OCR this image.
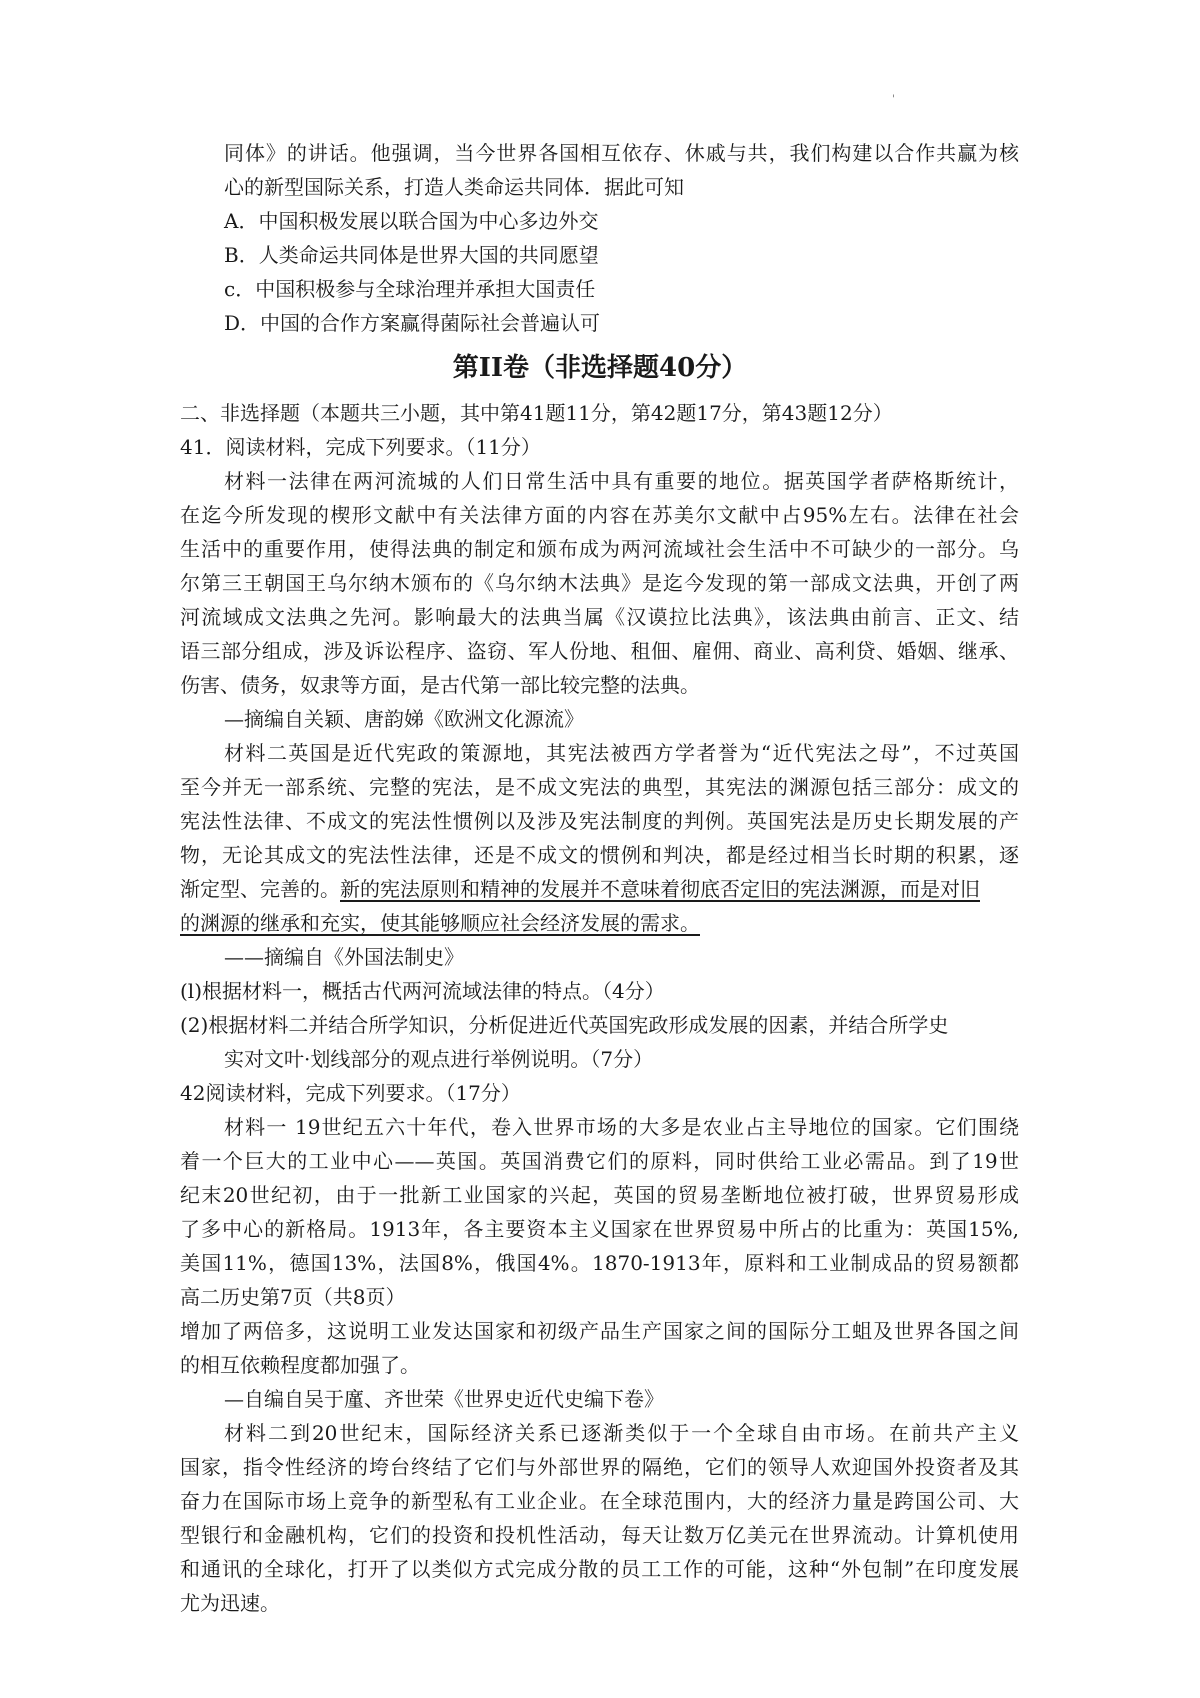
'
同体》的讲话。他强调，当今世界各国相互依存、休戚与共，我们构建以合作共赢为核
心的新型国际关系，打造人类命运共同体．据此可知
A．中国积极发展以联合国为中心多边外交
B．人类命运共同体是世界大国的共同愿望
c．中国积极参与全球治理并承担大国责任
D．中国的合作方案赢得菌际社会普遍认可
第II卷（非选择题40分）
二、非选择题（本题共三小题，其中第41题11分，第42题17分，第43题12分）
41．阅读材料，完成下列要求。（11分）
材料一法律在两河流城的人们日常生活中具有重要的地位。据英国学者萨格斯统计，
在迄今所发现的楔形文献中有关法律方面的内容在苏美尔文献中占95%左右。法律在社会
生活中的重要作用，使得法典的制定和颁布成为两河流域社会生活中不可缺少的一部分。乌
尔第三王朝国王乌尔纳木颁布的《乌尔纳木法典》是迄今发现的第一部成文法典，开创了两
河流域成文法典之先河。影响最大的法典当属《汉谟拉比法典》，该法典由前言、正文、结
语三部分组成，涉及诉讼程序、盗窃、军人份地、租佃、雇佣、商业、高利贷、婚姻、继承、
伤害、债务，奴隶等方面，是古代第一部比较完整的法典。
—摘编自关颖、唐韵娣《欧洲文化源流》
材料二英国是近代宪政的策源地，其宪法被西方学者誉为“近代宪法之母”，不过英国
至今并无一部系统、完整的宪法，是不成文宪法的典型，其宪法的渊源包括三部分：成文的
宪法性法律、不成文的宪法性惯例以及涉及宪法制度的判例。英国宪法是历史长期发展的产
物，无论其成文的宪法性法律，还是不成文的惯例和判决，都是经过相当长时期的积累，逐
渐定型、完善的。新的宪法原则和精神的发展并不意味着彻底否定旧的宪法渊源，而是对旧
的渊源的继承和充实，使其能够顺应社会经济发展的需求。
——摘编自《外国法制史》
(l)根据材料一，概括古代两河流域法律的特点。（4分）
(2)根据材料二并结合所学知识，分析促进近代英国宪政形成发展的因素，并结合所学史
实对文叶·划线部分的观点进行举例说明。（7分）
42阅读材料，完成下列要求。（17分）
材料一 19世纪五六十年代，卷入世界市场的大多是农业占主导地位的国家。它们围绕
着一个巨大的工业中心——英国。英国消费它们的原料，同时供给工业必需品。到了19世
纪末20世纪初，由于一批新工业国家的兴起，英国的贸易垄断地位被打破，世界贸易形成
了多中心的新格局。1913年，各主要资本主义国家在世界贸易中所占的比重为：英国15%,
美国11%，德国13%，法国8%，俄国4%。1870-1913年，原料和工业制成品的贸易额都
高二历史第7页（共8页）
增加了两倍多，这说明工业发达国家和初级产品生产国家之间的国际分工蛆及世界各国之间
的相互依赖程度都加强了。
—自编自吴于廑、齐世荣《世界史近代史编下卷》
材料二到20世纪末，国际经济关系已逐渐类似于一个全球自由市场。在前共产主义
国家，指令性经济的垮台终结了它们与外部世界的隔绝，它们的领导人欢迎国外投资者及其
奋力在国际市场上竞争的新型私有工业企业。在全球范围内，大的经济力量是跨国公司、大
型银行和金融机构，它们的投资和投机性活动，每天让数万亿美元在世界流动。计算机使用
和通讯的全球化，打开了以类似方式完成分散的员工工作的可能，这种“外包制”在印度发展
尤为迅速。
